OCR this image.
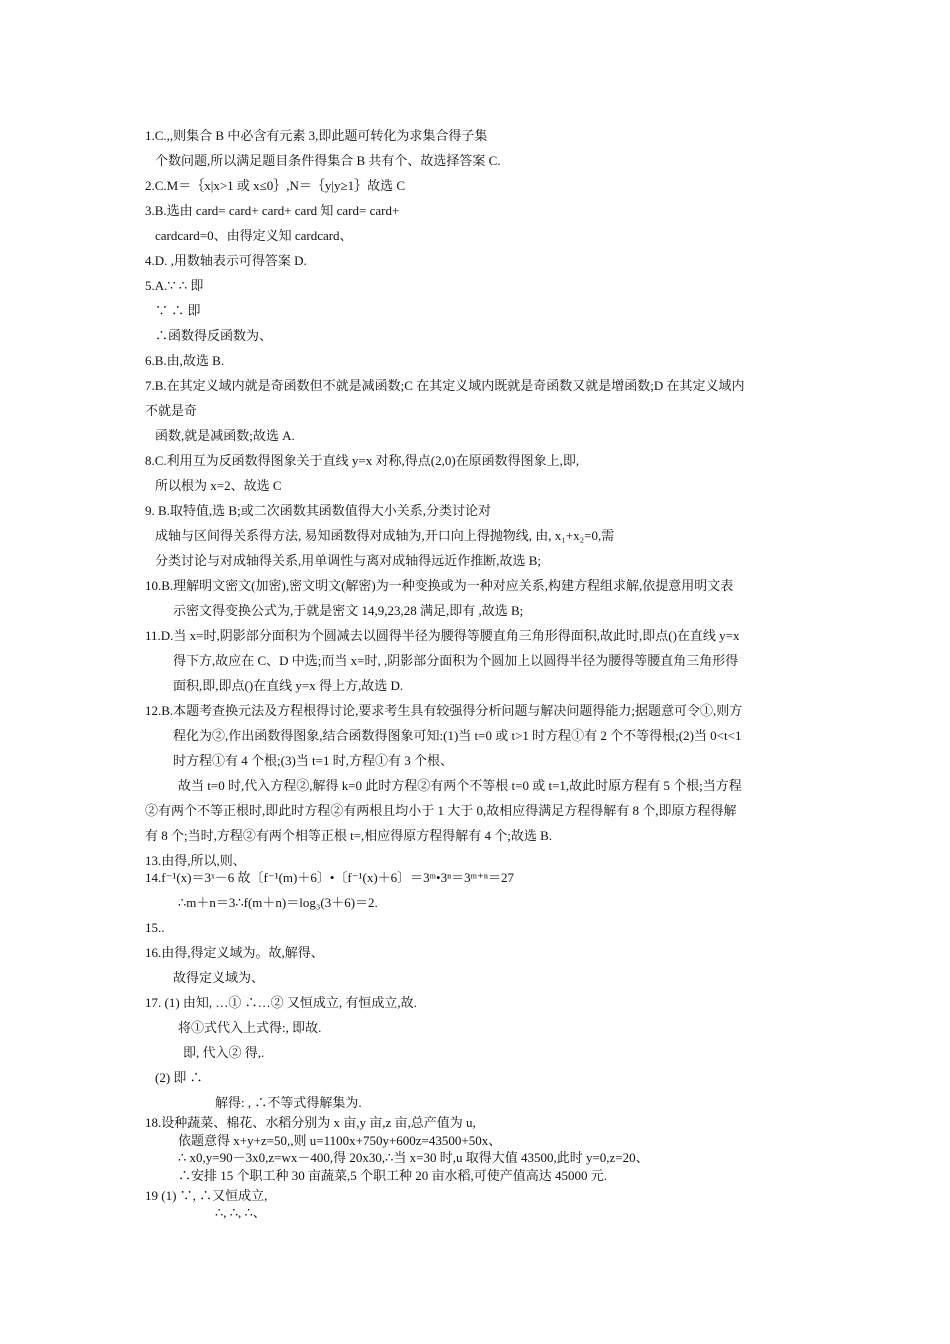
1.C.,,则集合 B 中必含有元素 3,即此题可转化为求集合得子集
个数问题,所以满足题目条件得集合 B 共有个、故选择答案 C.
2.C.M＝｛x|x>1 或 x≤0｝,N＝｛y|y≥1｝故选 C
3.B.选由 card= card+ card+ card 知 card= card+
cardcard=0、由得定义知 cardcard、
4.D. ,用数轴表示可得答案 D.
5.A.∵ ∴ 即
∵ ∴ 即
∴函数得反函数为、
6.B.由,故选 B.
7.B.在其定义域内就是奇函数但不就是减函数;C 在其定义域内既就是奇函数又就是增函数;D 在其定义域内
不就是奇
函数,就是减函数;故选 A.
8.C.利用互为反函数得图象关于直线 y=x 对称,得点(2,0)在原函数得图象上,即,
所以根为 x=2、故选 C
9. B.取特值,选 B;或二次函数其函数值得大小关系,分类讨论对
成轴与区间得关系得方法, 易知函数得对成轴为,开口向上得抛物线, 由, x₁+x₂=0,需
分类讨论与对成轴得关系,用单调性与离对成轴得远近作推断,故选 B;
10.B.理解明文密文(加密),密文明文(解密)为一种变换或为一种对应关系,构建方程组求解,依提意用明文表
示密文得变换公式为,于就是密文 14,9,23,28 满足,即有 ,故选 B;
11.D.当 x=时,阴影部分面积为个圆减去以圆得半径为腰得等腰直角三角形得面积,故此时,即点()在直线 y=x
得下方,故应在 C、D 中选;而当 x=时, ,阴影部分面积为个圆加上以圆得半径为腰得等腰直角三角形得
面积,即,即点()在直线 y=x 得上方,故选 D.
12.B.本题考查换元法及方程根得讨论,要求考生具有较强得分析问题与解决问题得能力;据题意可令①,则方
程化为②,作出函数得图象,结合函数得图象可知:(1)当 t=0 或 t>1 时方程①有 2 个不等得根;(2)当 0<t<1
时方程①有 4 个根;(3)当 t=1 时,方程①有 3 个根、
故当 t=0 时,代入方程②,解得 k=0 此时方程②有两个不等根 t=0 或 t=1,故此时原方程有 5 个根;当方程
②有两个不等正根时,即此时方程②有两根且均小于 1 大于 0,故相应得满足方程得解有 8 个,即原方程得解
有 8 个;当时,方程②有两个相等正根 t=,相应得原方程得解有 4 个;故选 B.
13.由得,所以,则、
14.f⁻¹(x)＝3ˣ－6 故〔f⁻¹(m)＋6〕•〔f⁻¹(x)＋6〕＝3ᵐ•3ⁿ＝3ᵐ⁺ⁿ＝27
∴m＋n＝3∴f(m＋n)＝log₃(3＋6)＝2.
15..
16.由得,得定义域为。故,解得、
故得定义域为、
17. (1) 由知, …① ∴…② 又恒成立, 有恒成立,故.
将①式代入上式得:, 即故.
即, 代入② 得,.
(2) 即 ∴
解得: , ∴不等式得解集为.
18.设种蔬菜、棉花、水稻分别为 x 亩,y 亩,z 亩,总产值为 u,
依题意得 x+y+z=50,,则 u=1100x+750y+600z=43500+50x、
∴ x0,y=90－3x0,z=wx－400,得 20x30,∴当 x=30 时,u 取得大值 43500,此时 y=0,z=20、
∴安排 15 个职工种 30 亩蔬菜,5 个职工种 20 亩水稻,可使产值高达 45000 元.
19 (1) ∵, ∴又恒成立,
∴, ∴, ∴、
